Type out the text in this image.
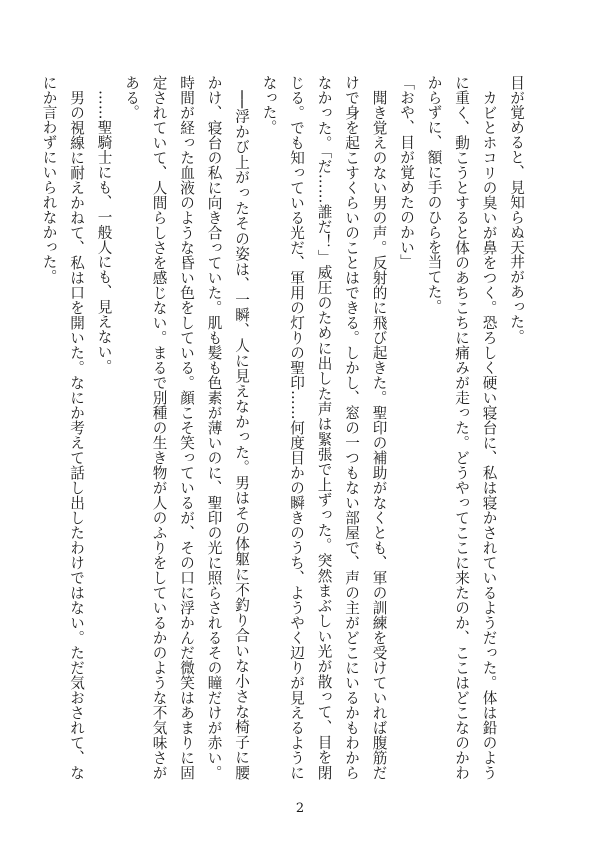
目が覚めると、見知らぬ天井があった。

　カビとホコリの臭いが鼻をつく。恐ろしく硬い寝台に、私は寝かされているようだった。体は鉛のように重く、動こうとすると体のあちこちに痛みが走った。どうやってここに来たのか、ここはどこなのかわからずに、額に手のひらを当てた。

「おや、目が覚めたのかい」

　聞き覚えのない男の声。反射的に飛び起きた。聖印の補助がなくとも、軍の訓練を受けていれば腹筋だけで身を起こすくらいのことはできる。しかし、窓の一つもない部屋で、声の主がどこにいるかもわからなかった。「だ……誰だ！」威圧のために出した声は緊張で上ずった。突然まぶしい光が散って、目を閉じる。でも知っている光だ、軍用の灯りの聖印……何度目かの瞬きのうち、ようやく辺りが見えるようになった。

　──浮かび上がったその姿は、一瞬、人に見えなかった。男はその体躯に不釣り合いな小さな椅子に腰かけ、寝台の私に向き合っていた。肌も髪も色素が薄いのに、聖印の光に照らされるその瞳だけが赤い。時間が経った血液のような昏い色をしている。顔こそ笑っているが、その口に浮かんだ微笑はあまりに固定されていて、人間らしさを感じない。まるで別種の生き物が人のふりをしているかのような不気味さがある。

　……聖騎士にも、一般人にも、見えない。

　男の視線に耐えかねて、私は口を開いた。なにか考えて話し出したわけではない。ただ気おされて、なにか言わずにいられなかった。

2
